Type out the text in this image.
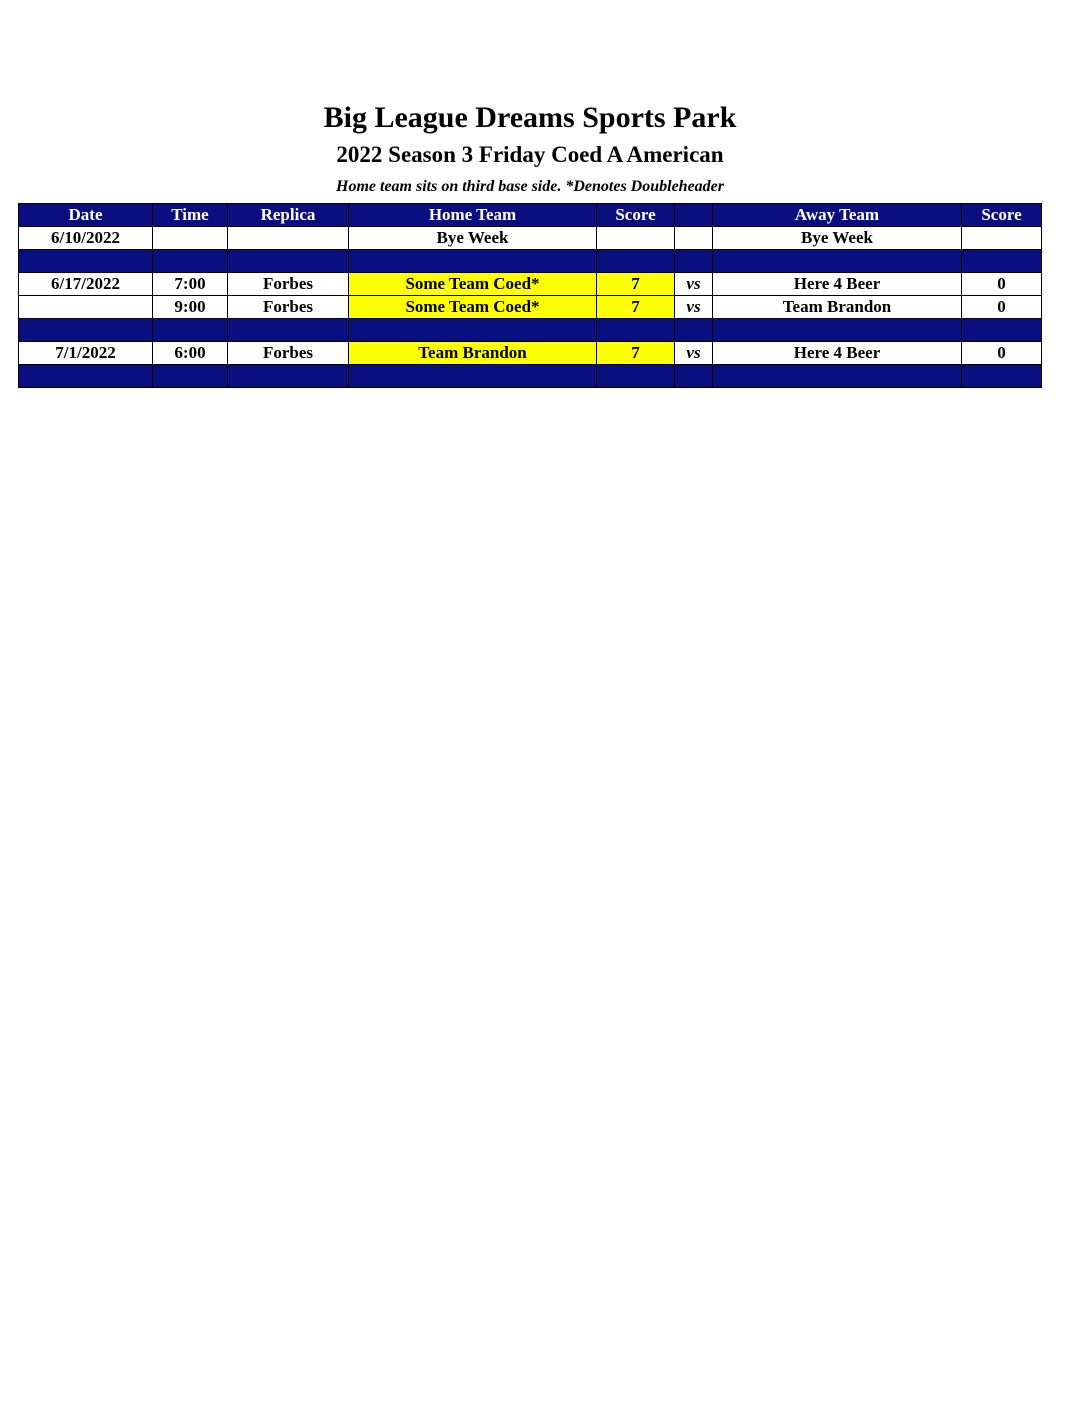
Big League Dreams Sports Park
2022 Season 3 Friday Coed A American
Home team sits on third base side. *Denotes Doubleheader
Date	Time	Replica	Home Team	Score		Away Team	Score
6/10/2022			Bye Week			Bye Week	

6/17/2022	7:00	Forbes	Some Team Coed*	7	vs	Here 4 Beer	0
	9:00	Forbes	Some Team Coed*	7	vs	Team Brandon	0

7/1/2022	6:00	Forbes	Team Brandon	7	vs	Here 4 Beer	0
